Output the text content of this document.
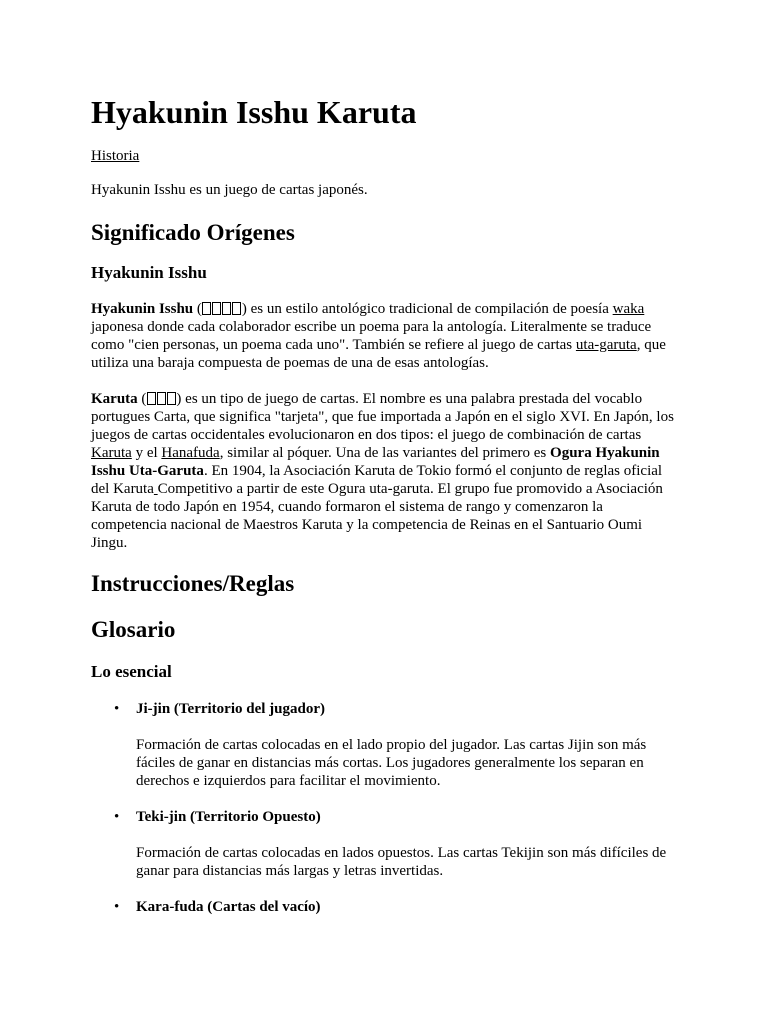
Hyakunin Isshu Karuta
Historia

Hyakunin Isshu es un juego de cartas japonés.

Significado Orígenes
Hyakunin Isshu

Hyakunin Isshu (	) es un estilo antológico tradicional de compilación de poesía waka japonesa donde cada colaborador escribe un poema para la antología. Literalmente se traduce como "cien personas, un poema cada uno". También se refiere al juego de cartas uta-garuta, que utiliza una baraja compuesta de poemas de una de esas antologías.

Karuta ( ) es un tipo de juego de cartas. El nombre es una palabra prestada del vocablo portugues Carta, que significa "tarjeta", que fue importada a Japón en el siglo XVI. En Japón, los juegos de cartas occidentales evolucionaron en dos tipos: el juego de combinación de cartas Karuta y el Hanafuda, similar al póquer. Una de las variantes del primero es Ogura Hyakunin Isshu Uta-Garuta. En 1904, la Asociación Karuta de Tokio formó el conjunto de reglas oficial del Karuta Competitivo a partir de este Ogura uta-garuta. El grupo fue promovido a Asociación Karuta de todo Japón en 1954, cuando formaron el sistema de rango y comenzaron la competencia nacional de Maestros Karuta y la competencia de Reinas en el Santuario Oumi Jingu.

Instrucciones/Reglas
Glosario
Lo esencial
• Ji-jin (Territorio del jugador)
Formación de cartas colocadas en el lado propio del jugador. Las cartas Jijin son más fáciles de ganar en distancias más cortas. Los jugadores generalmente los separan en derechos e izquierdos para facilitar el movimiento.
• Teki-jin (Territorio Opuesto)
Formación de cartas colocadas en lados opuestos. Las cartas Tekijin son más difíciles de ganar para distancias más largas y letras invertidas.
• Kara-fuda (Cartas del vacío)
